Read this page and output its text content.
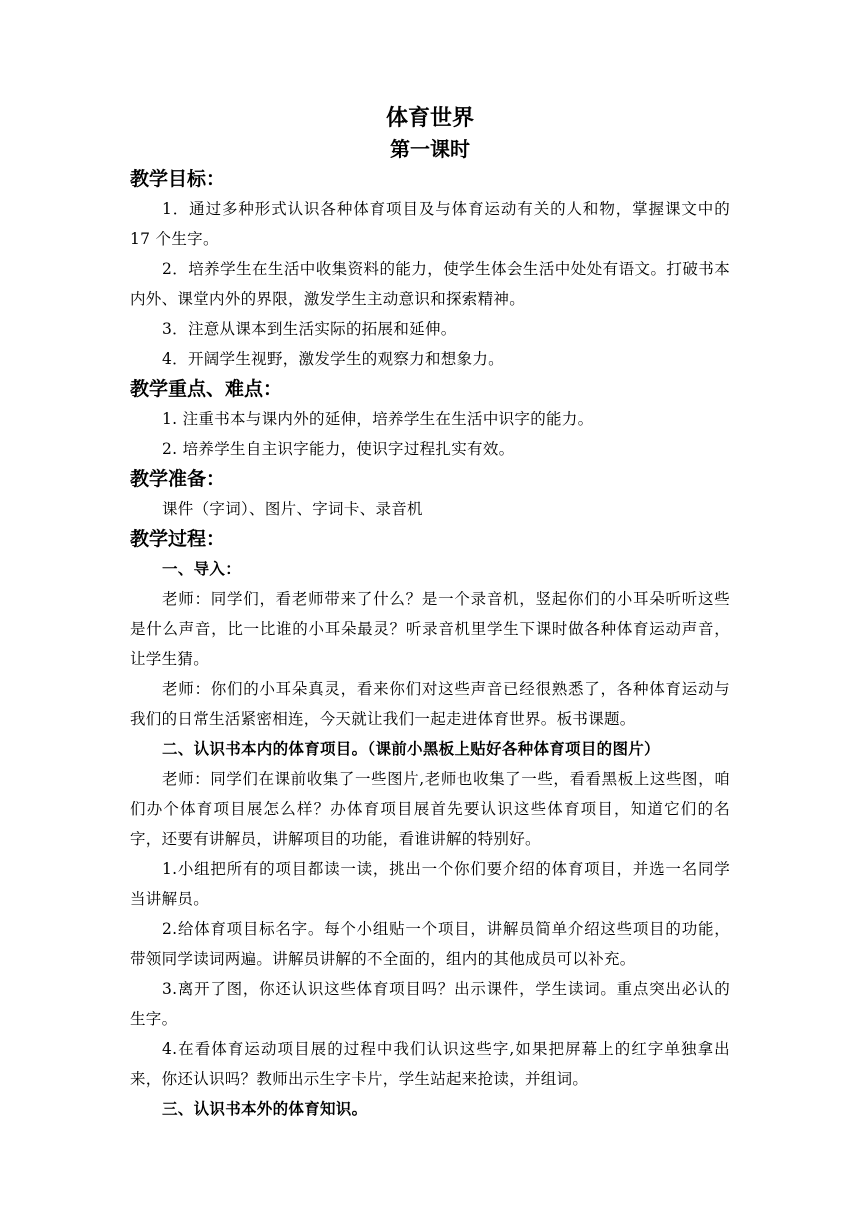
体育世界
第一课时

教学目标：

1．通过多种形式认识各种体育项目及与体育运动有关的人和物，掌握课文中的 17 个生字。

2．培养学生在生活中收集资料的能力，使学生体会生活中处处有语文。打破书本内外、课堂内外的界限，激发学生主动意识和探索精神。

3．注意从课本到生活实际的拓展和延伸。

4．开阔学生视野，激发学生的观察力和想象力。

教学重点、难点：

1. 注重书本与课内外的延伸，培养学生在生活中识字的能力。

2. 培养学生自主识字能力，使识字过程扎实有效。

教学准备：

课件（字词）、图片、字词卡、录音机

教学过程：

一、导入：

老师：同学们，看老师带来了什么？是一个录音机，竖起你们的小耳朵听听这些是什么声音，比一比谁的小耳朵最灵？听录音机里学生下课时做各种体育运动声音，让学生猜。

老师：你们的小耳朵真灵，看来你们对这些声音已经很熟悉了，各种体育运动与我们的日常生活紧密相连，今天就让我们一起走进体育世界。板书课题。

二、认识书本内的体育项目。（课前小黑板上贴好各种体育项目的图片）

老师：同学们在课前收集了一些图片,老师也收集了一些，看看黑板上这些图，咱们办个体育项目展怎么样？办体育项目展首先要认识这些体育项目，知道它们的名字，还要有讲解员，讲解项目的功能，看谁讲解的特别好。

1.小组把所有的项目都读一读，挑出一个你们要介绍的体育项目，并选一名同学当讲解员。

2.给体育项目标名字。每个小组贴一个项目，讲解员简单介绍这些项目的功能，带领同学读词两遍。讲解员讲解的不全面的，组内的其他成员可以补充。

3.离开了图，你还认识这些体育项目吗？出示课件，学生读词。重点突出必认的生字。

4.在看体育运动项目展的过程中我们认识这些字,如果把屏幕上的红字单独拿出来，你还认识吗？教师出示生字卡片，学生站起来抢读，并组词。

三、认识书本外的体育知识。
